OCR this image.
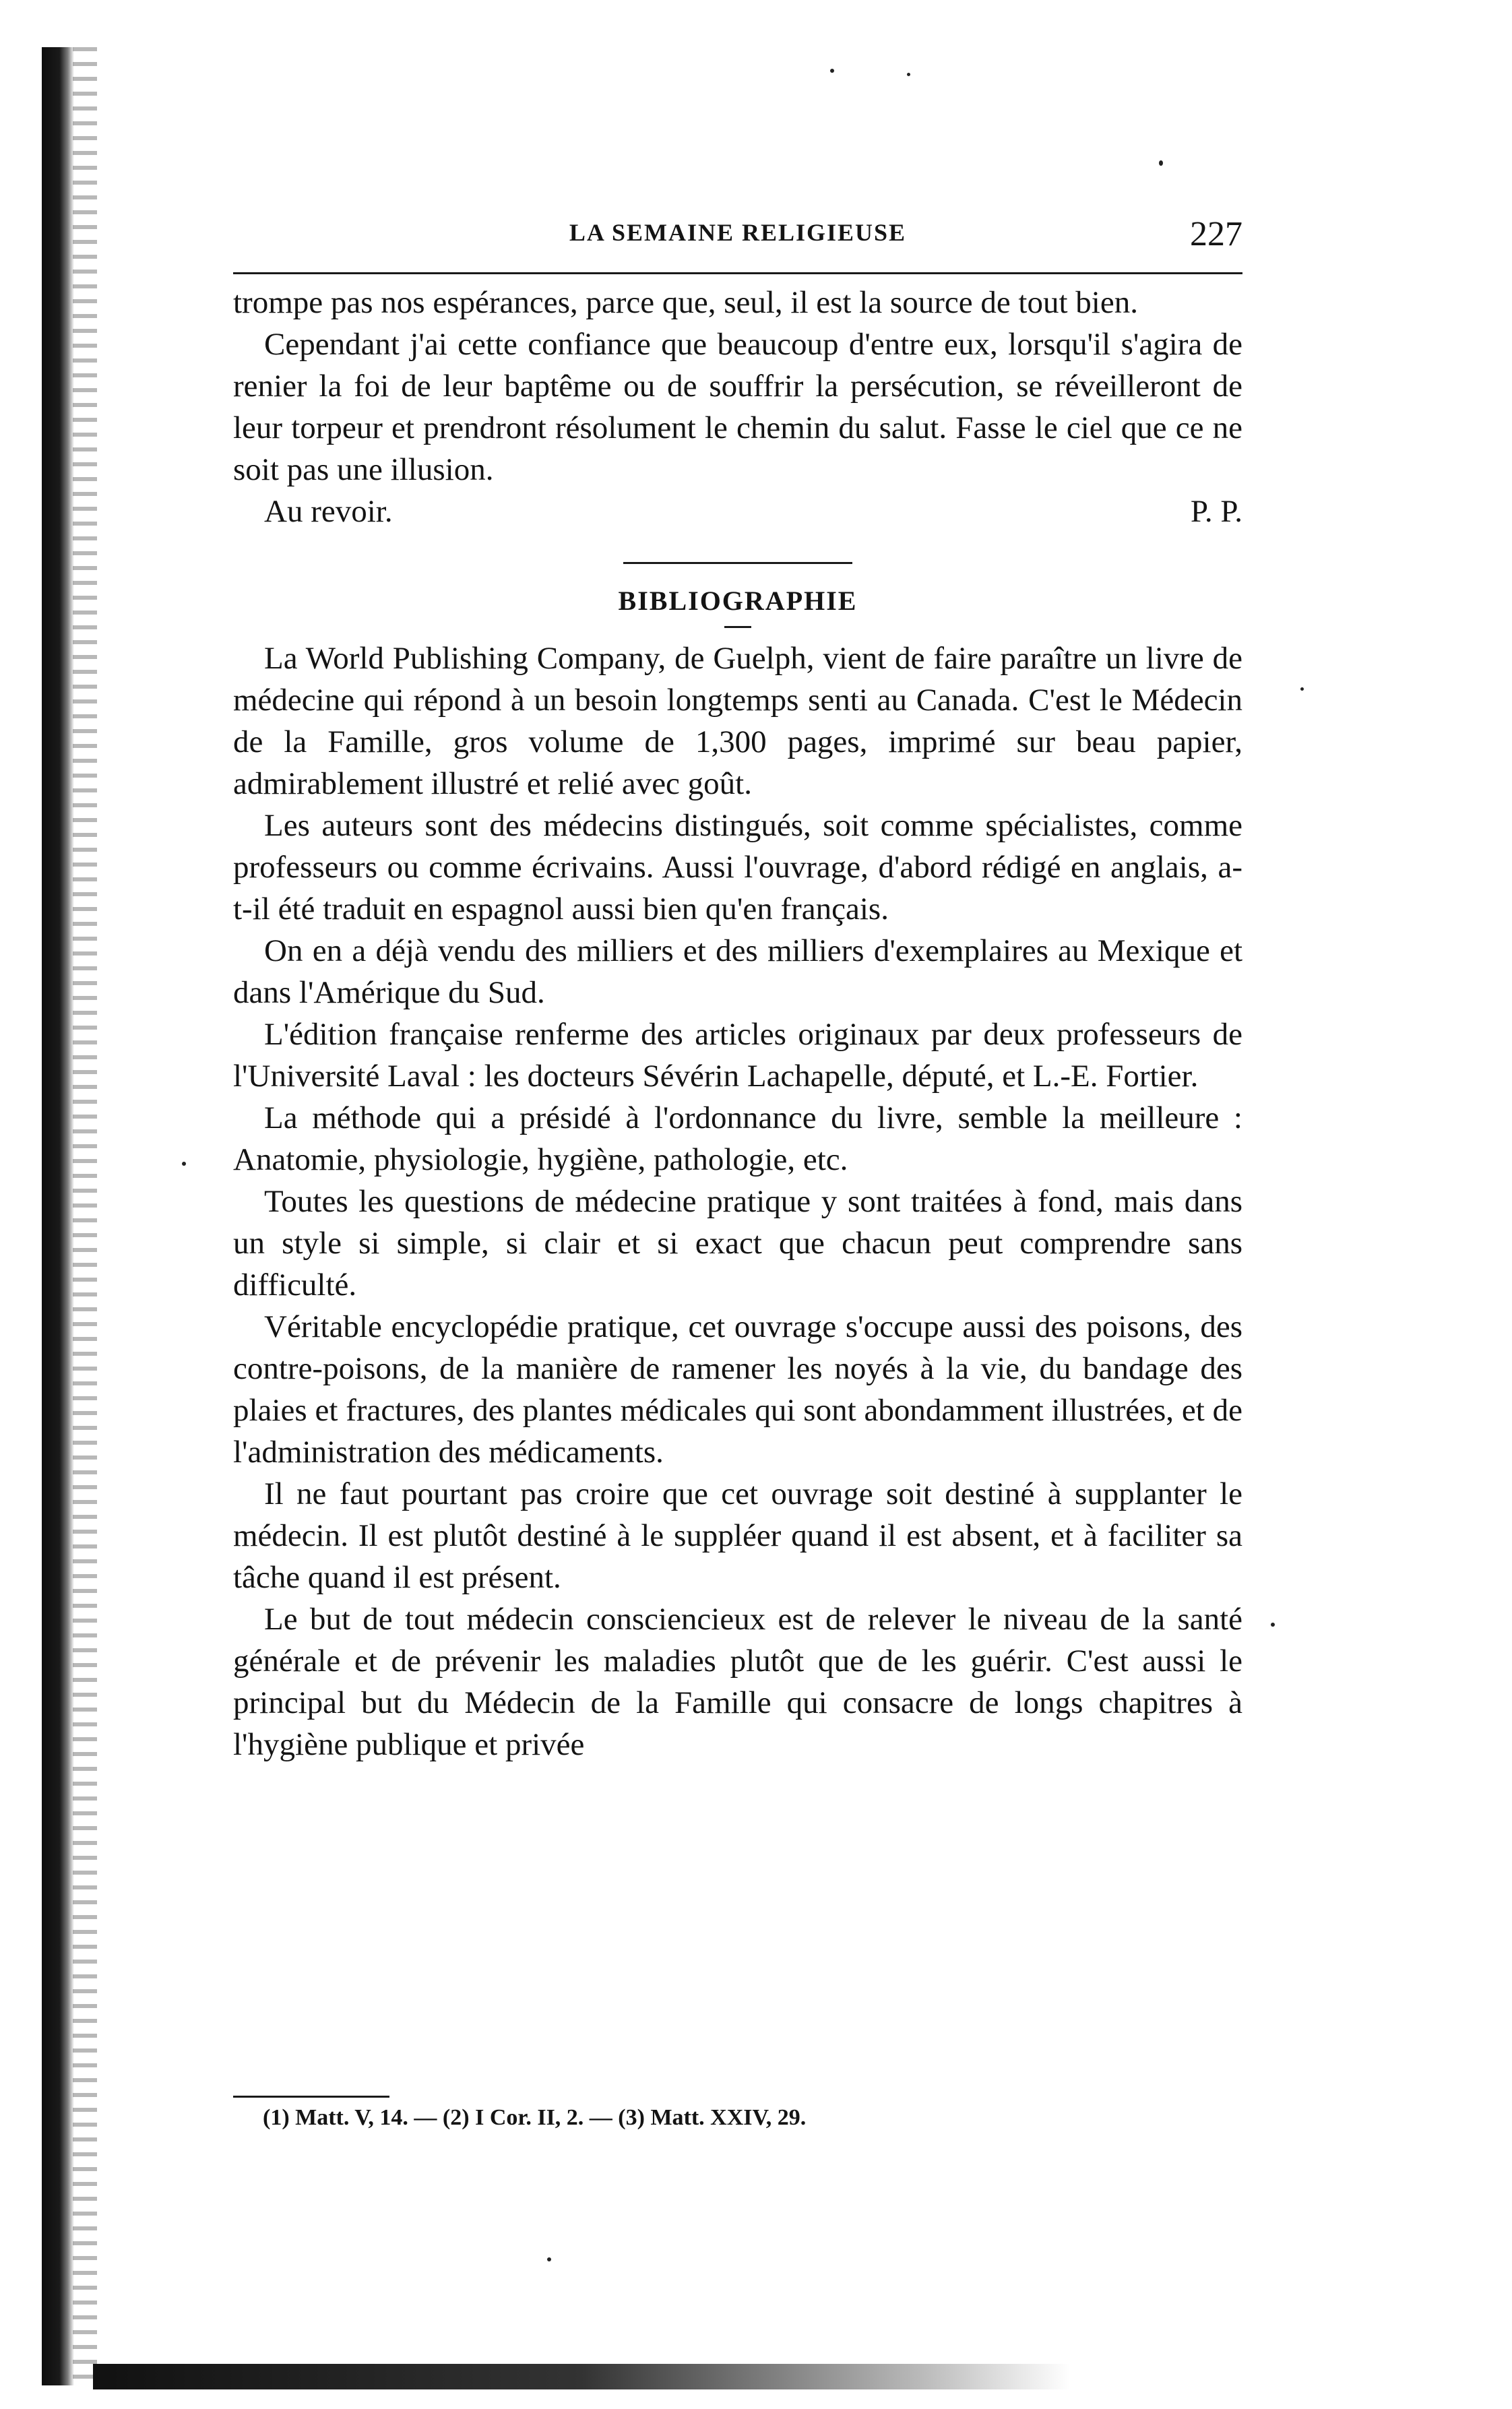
LA SEMAINE RELIGIEUSE	227

trompe pas nos espérances, parce que, seul, il est la source de tout bien.

Cependant j'ai cette confiance que beaucoup d'entre eux, lorsqu'il s'agira de renier la foi de leur baptême ou de souffrir la persécution, se réveilleront de leur torpeur et prendront résolument le chemin du salut. Fasse le ciel que ce ne soit pas une illusion.

Au revoir.	P. P.
BIBLIOGRAPHIE

La World Publishing Company, de Guelph, vient de faire paraître un livre de médecine qui répond à un besoin longtemps senti au Canada. C'est le Médecin de la Famille, gros volume de 1,300 pages, imprimé sur beau papier, admirablement illustré et relié avec goût.

Les auteurs sont des médecins distingués, soit comme spécialistes, comme professeurs ou comme écrivains. Aussi l'ouvrage, d'abord rédigé en anglais, a-t-il été traduit en espagnol aussi bien qu'en français.

On en a déjà vendu des milliers et des milliers d'exemplaires au Mexique et dans l'Amérique du Sud.

L'édition française renferme des articles originaux par deux professeurs de l'Université Laval : les docteurs Sévérin Lachapelle, député, et L.-E. Fortier.

La méthode qui a présidé à l'ordonnance du livre, semble la meilleure : Anatomie, physiologie, hygiène, pathologie, etc.

Toutes les questions de médecine pratique y sont traitées à fond, mais dans un style si simple, si clair et si exact que chacun peut comprendre sans difficulté.

Véritable encyclopédie pratique, cet ouvrage s'occupe aussi des poisons, des contre-poisons, de la manière de ramener les noyés à la vie, du bandage des plaies et fractures, des plantes médicales qui sont abondamment illustrées, et de l'administration des médicaments.

Il ne faut pourtant pas croire que cet ouvrage soit destiné à supplanter le médecin. Il est plutôt destiné à le suppléer quand il est absent, et à faciliter sa tâche quand il est présent.

Le but de tout médecin consciencieux est de relever le niveau de la santé générale et de prévenir les maladies plutôt que de les guérir. C'est aussi le principal but du Médecin de la Famille qui consacre de longs chapitres à l'hygiène publique et privée

(1) Matt. V, 14. — (2) I Cor. II, 2. — (3) Matt. XXIV, 29.
